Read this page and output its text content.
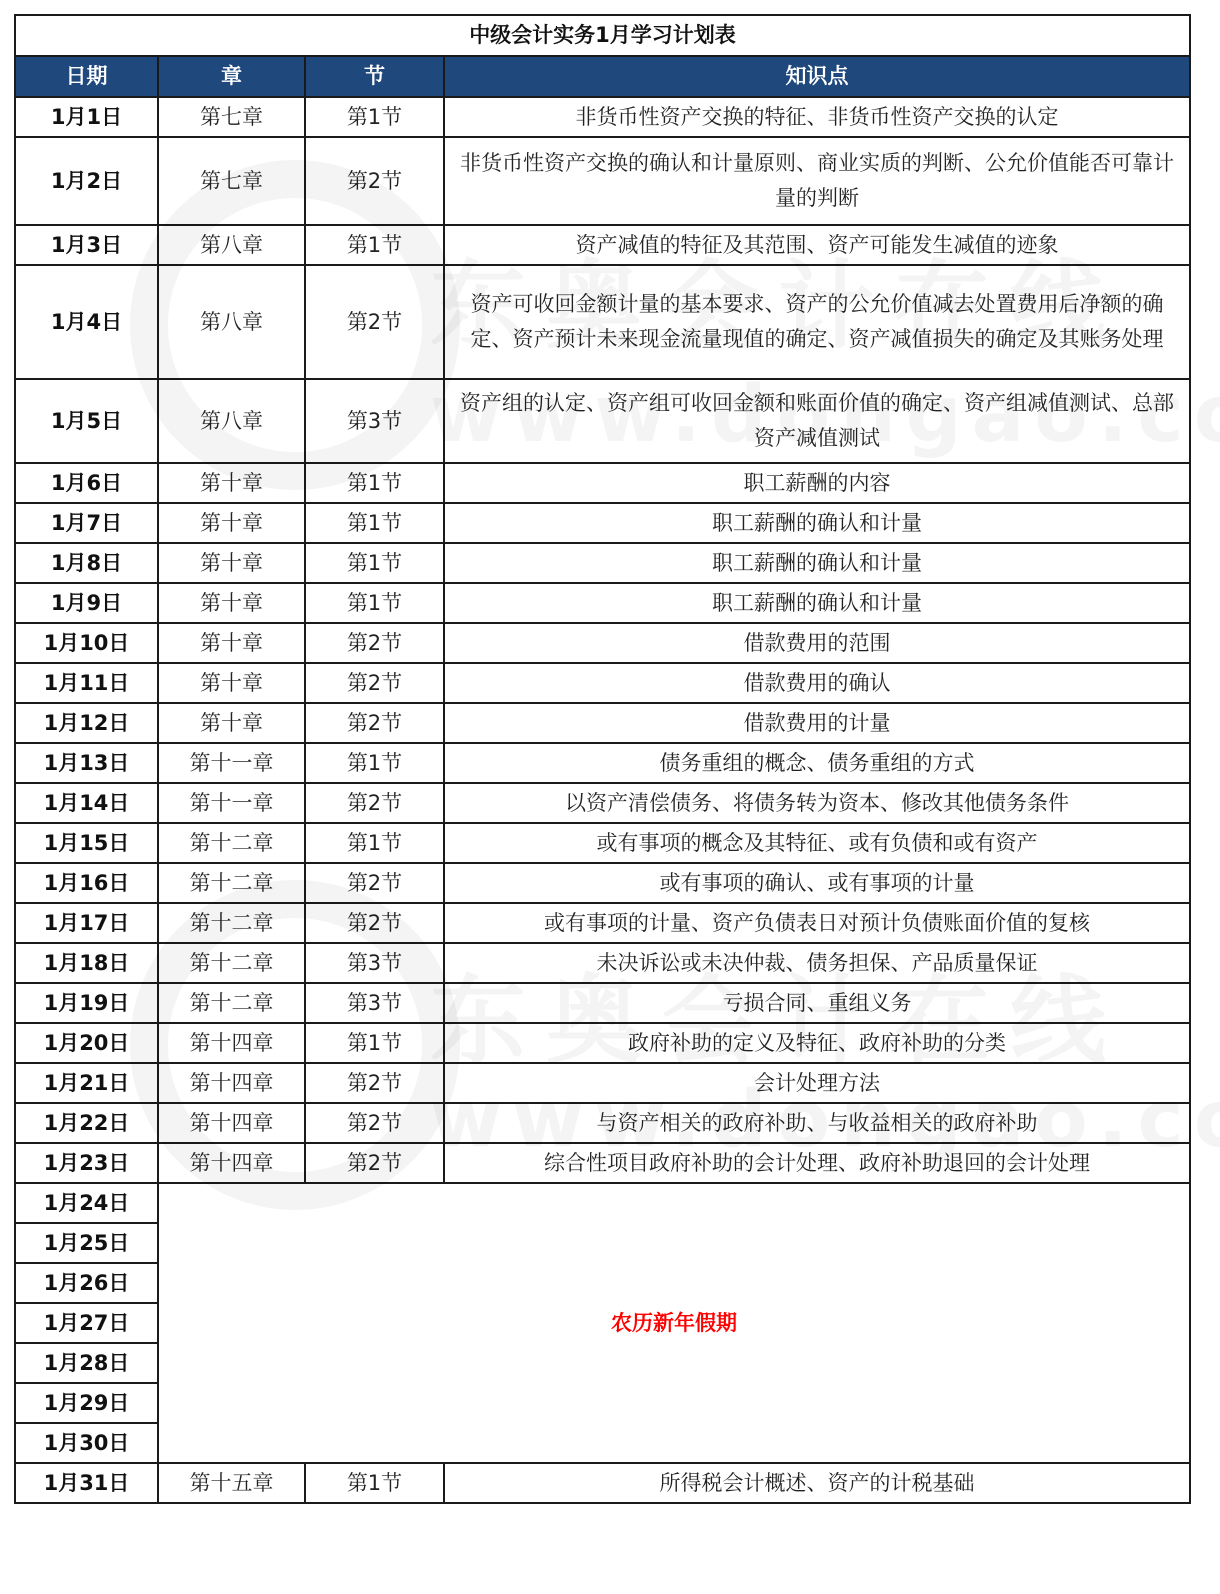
中级会计实务1月学习计划表			
日期	章	节	知识点
1月1日	第七章	第1节	非货币性资产交换的特征、非货币性资产交换的认定
1月2日	第七章	第2节	非货币性资产交换的确认和计量原则、商业实质的判断、公允价值能否可靠计量的判断
1月3日	第八章	第1节	资产减值的特征及其范围、资产可能发生减值的迹象
1月4日	第八章	第2节	资产可收回金额计量的基本要求、资产的公允价值减去处置费用后净额的确定、资产预计未来现金流量现值的确定、资产减值损失的确定及其账务处理
1月5日	第八章	第3节	资产组的认定、资产组可收回金额和账面价值的确定、资产组减值测试、总部资产减值测试
1月6日	第十章	第1节	职工薪酬的内容
1月7日	第十章	第1节	职工薪酬的确认和计量
1月8日	第十章	第1节	职工薪酬的确认和计量
1月9日	第十章	第1节	职工薪酬的确认和计量
1月10日	第十章	第2节	借款费用的范围
1月11日	第十章	第2节	借款费用的确认
1月12日	第十章	第2节	借款费用的计量
1月13日	第十一章	第1节	债务重组的概念、债务重组的方式
1月14日	第十一章	第2节	以资产清偿债务、将债务转为资本、修改其他债务条件
1月15日	第十二章	第1节	或有事项的概念及其特征、或有负债和或有资产
1月16日	第十二章	第2节	或有事项的确认、或有事项的计量
1月17日	第十二章	第2节	或有事项的计量、资产负债表日对预计负债账面价值的复核
1月18日	第十二章	第3节	未决诉讼或未决仲裁、债务担保、产品质量保证
1月19日	第十二章	第3节	亏损合同、重组义务
1月20日	第十四章	第1节	政府补助的定义及特征、政府补助的分类
1月21日	第十四章	第2节	会计处理方法
1月22日	第十四章	第2节	与资产相关的政府补助、与收益相关的政府补助
1月23日	第十四章	第2节	综合性项目政府补助的会计处理、政府补助退回的会计处理
1月24日	农历新年假期		
1月25日			
1月26日			
1月27日			
1月28日			
1月29日			
1月30日			
1月31日	第十五章	第1节	所得税会计概述、资产的计税基础
